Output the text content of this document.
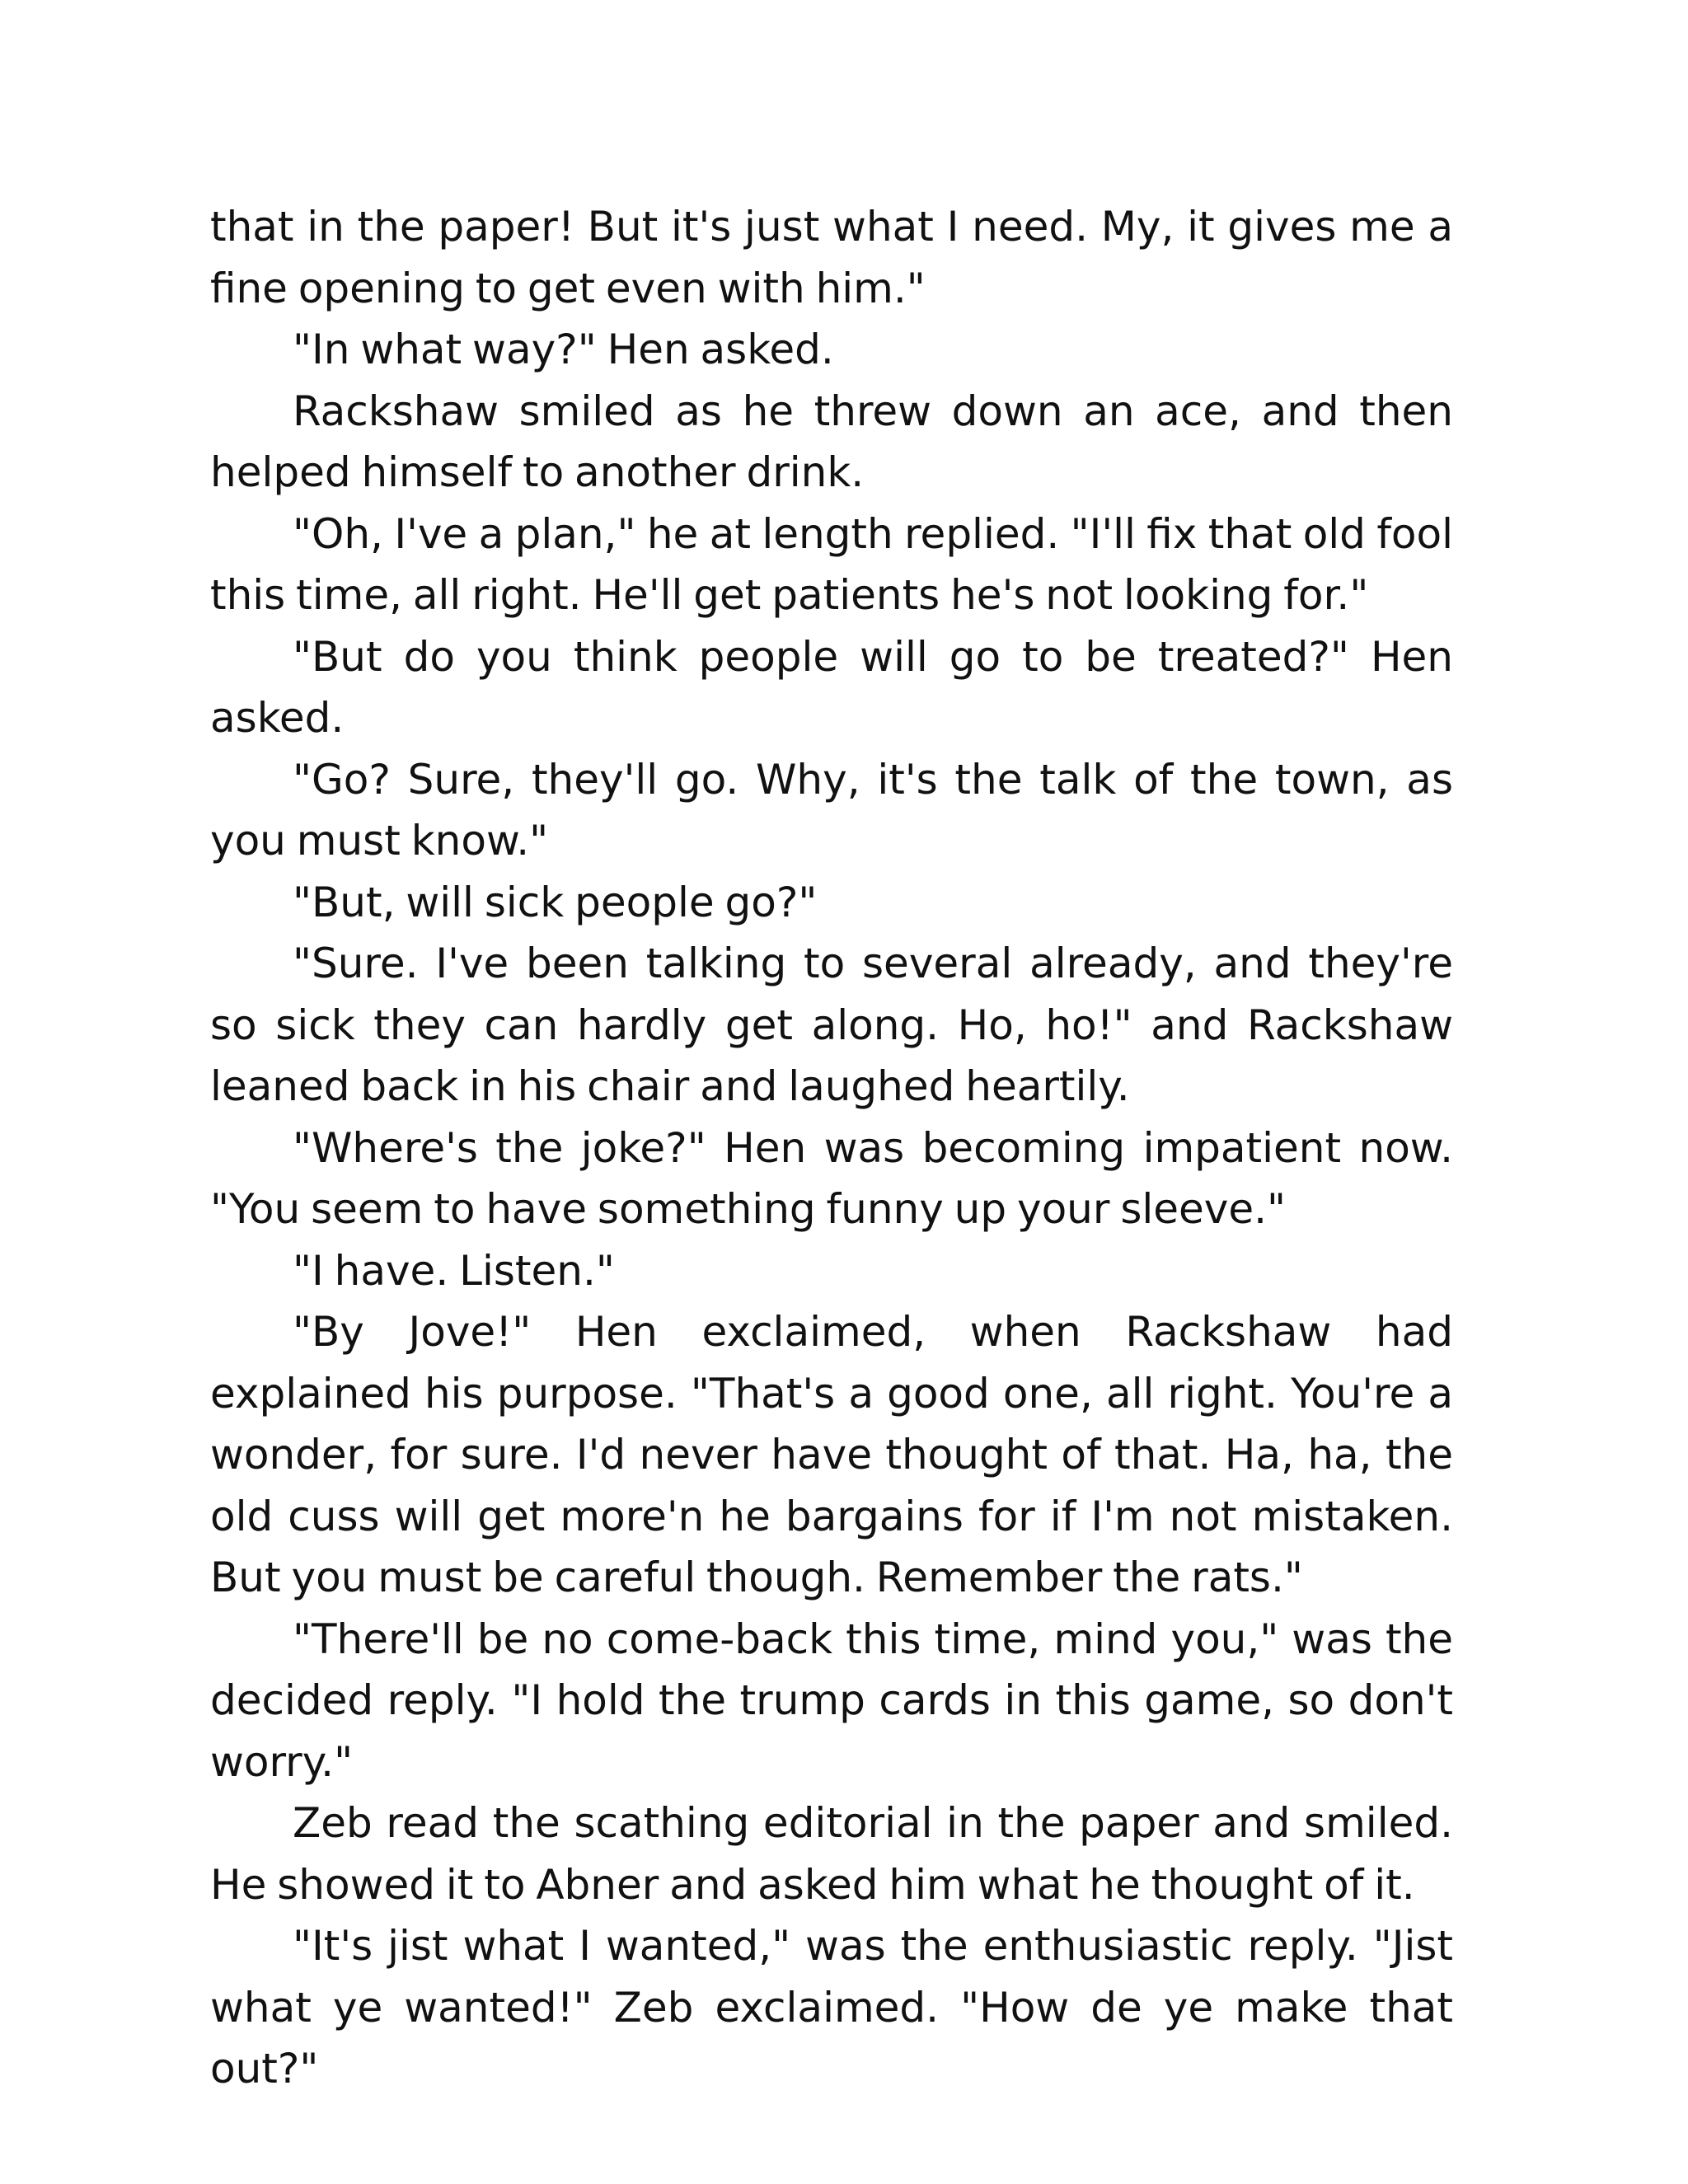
that in the paper! But it's just what I need. My, it gives me a fine opening to get even with him."

"In what way?" Hen asked.

Rackshaw smiled as he threw down an ace, and then helped himself to another drink.

"Oh, I've a plan," he at length replied. "I'll fix that old fool this time, all right. He'll get patients he's not looking for."

"But do you think people will go to be treated?" Hen asked.

"Go? Sure, they'll go. Why, it's the talk of the town, as you must know."

"But, will sick people go?"

"Sure. I've been talking to several already, and they're so sick they can hardly get along. Ho, ho!" and Rackshaw leaned back in his chair and laughed heartily.

"Where's the joke?" Hen was becoming impatient now. "You seem to have something funny up your sleeve."

"I have. Listen."

"By Jove!" Hen exclaimed, when Rackshaw had explained his purpose. "That's a good one, all right. You're a wonder, for sure. I'd never have thought of that. Ha, ha, the old cuss will get more'n he bargains for if I'm not mistaken. But you must be careful though. Remember the rats."

"There'll be no come-back this time, mind you," was the decided reply. "I hold the trump cards in this game, so don't worry."

Zeb read the scathing editorial in the paper and smiled. He showed it to Abner and asked him what he thought of it.

"It's jist what I wanted," was the enthusiastic reply. "Jist what ye wanted!" Zeb exclaimed. "How de ye make that out?"
